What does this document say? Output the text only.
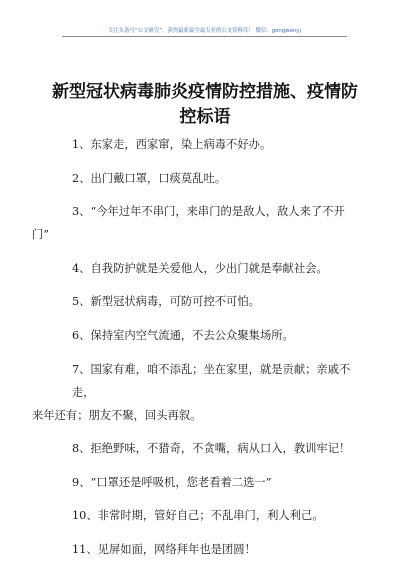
关注头条号“公文研究”，获得最新最全最专业的公文资料库！ 微信：gongwenyj
新型冠状病毒肺炎疫情防控措施、疫情防控标语

1、东家走，西家窜，染上病毒不好办。

2、出门戴口罩，口痰莫乱吐。

3、“今年过年不串门，来串门的是敌人，敌人来了不开
门”

4、自我防护就是关爱他人，少出门就是奉献社会。

5、新型冠状病毒，可防可控不可怕。

6、保持室内空气流通，不去公众聚集场所。

7、国家有难，咱不添乱；坐在家里，就是贡献；亲戚不走，
来年还有；朋友不聚，回头再叙。

8、拒绝野味，不猎奇，不贪嘴，病从口入，教训牢记！

9、“口罩还是呼吸机，您老看着二选一”

10、非常时期，管好自己；不乱串门，利人利己。

11、见屏如面，网络拜年也是团圆！
